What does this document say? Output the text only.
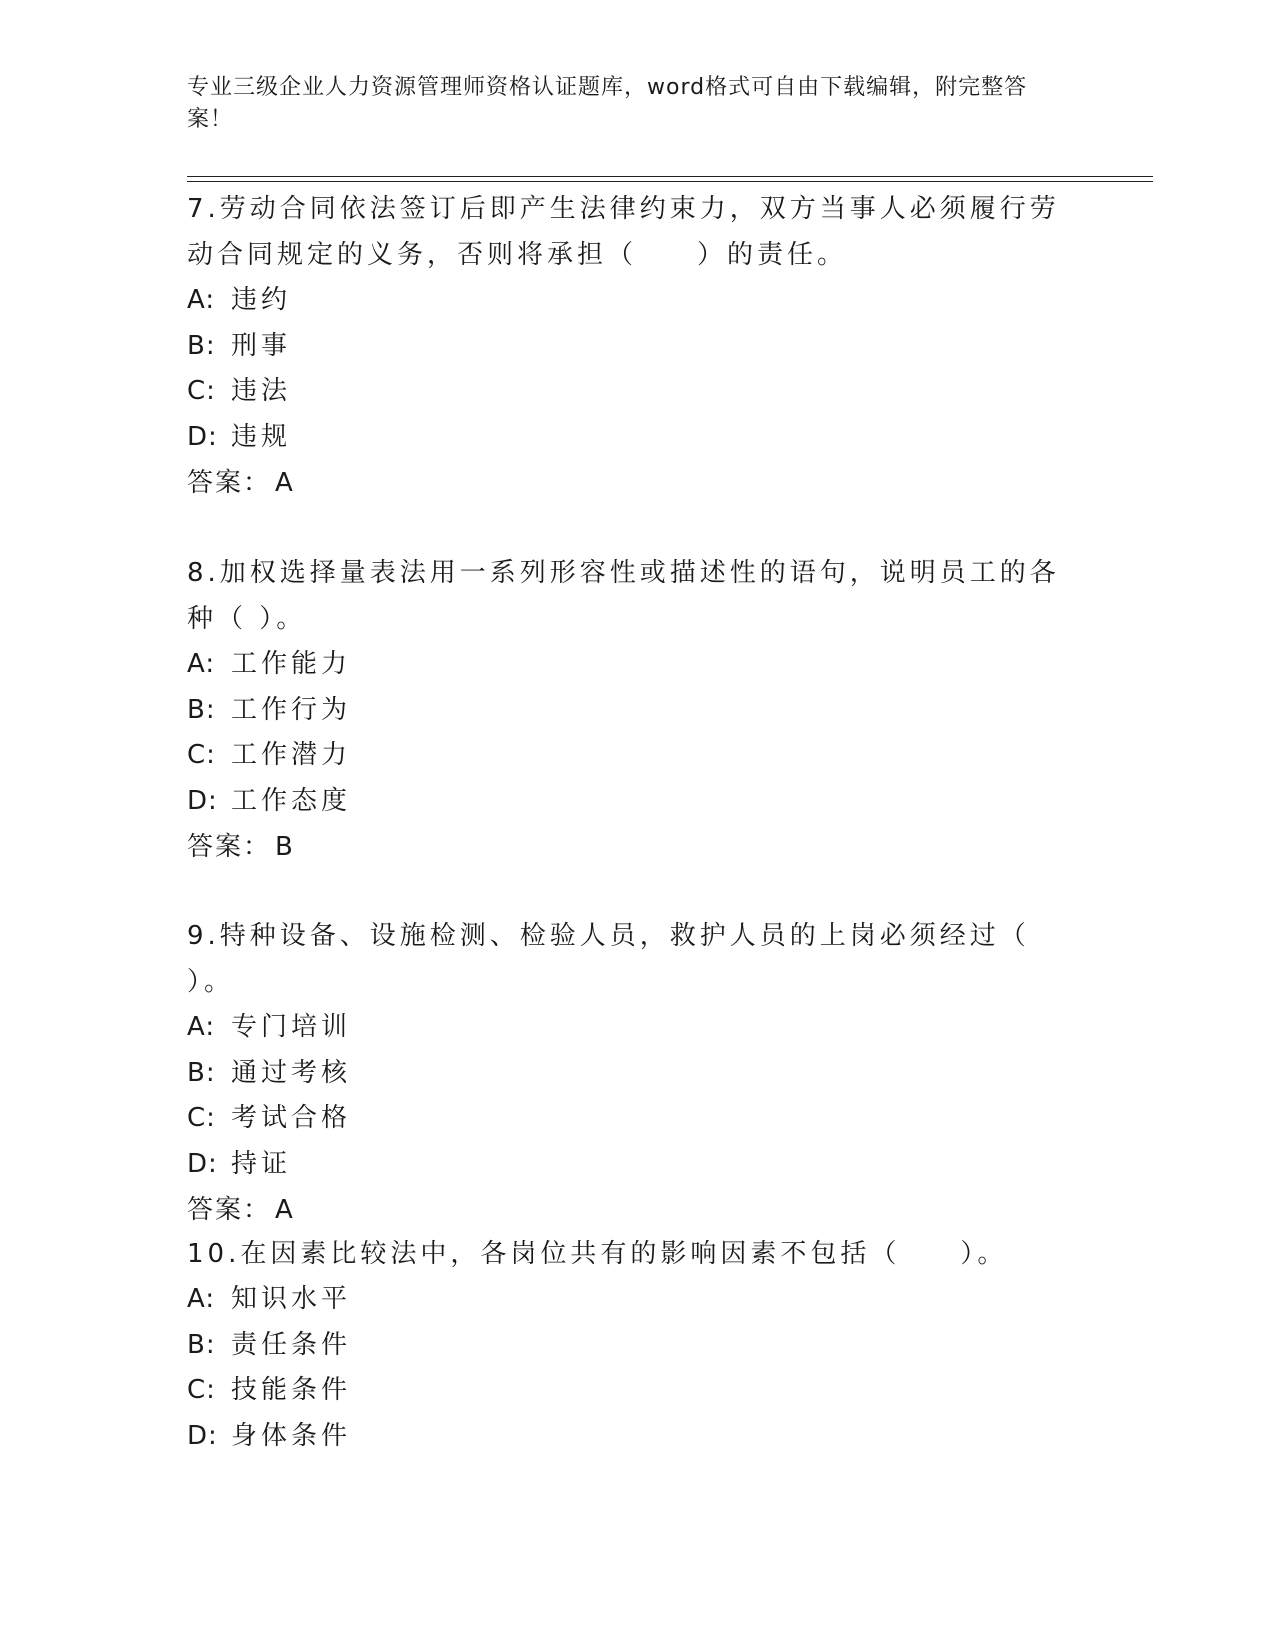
专业三级企业人力资源管理师资格认证题库，word格式可自由下载编辑，附完整答案！

7.劳动合同依法签订后即产生法律约束力，双方当事人必须履行劳动合同规定的义务，否则将承担（　　）的责任。

A: 违约

B: 刑事

C: 违法

D: 违规

答案： A

8.加权选择量表法用一系列形容性或描述性的语句，说明员工的各种（ ）。

A: 工作能力

B: 工作行为

C: 工作潜力

D: 工作态度

答案： B

9.特种设备、设施检测、检验人员，救护人员的上岗必须经过（ ）。

A: 专门培训

B: 通过考核

C: 考试合格

D: 持证

答案： A

10.在因素比较法中，各岗位共有的影响因素不包括（　　）。

A: 知识水平

B: 责任条件

C: 技能条件

D: 身体条件
